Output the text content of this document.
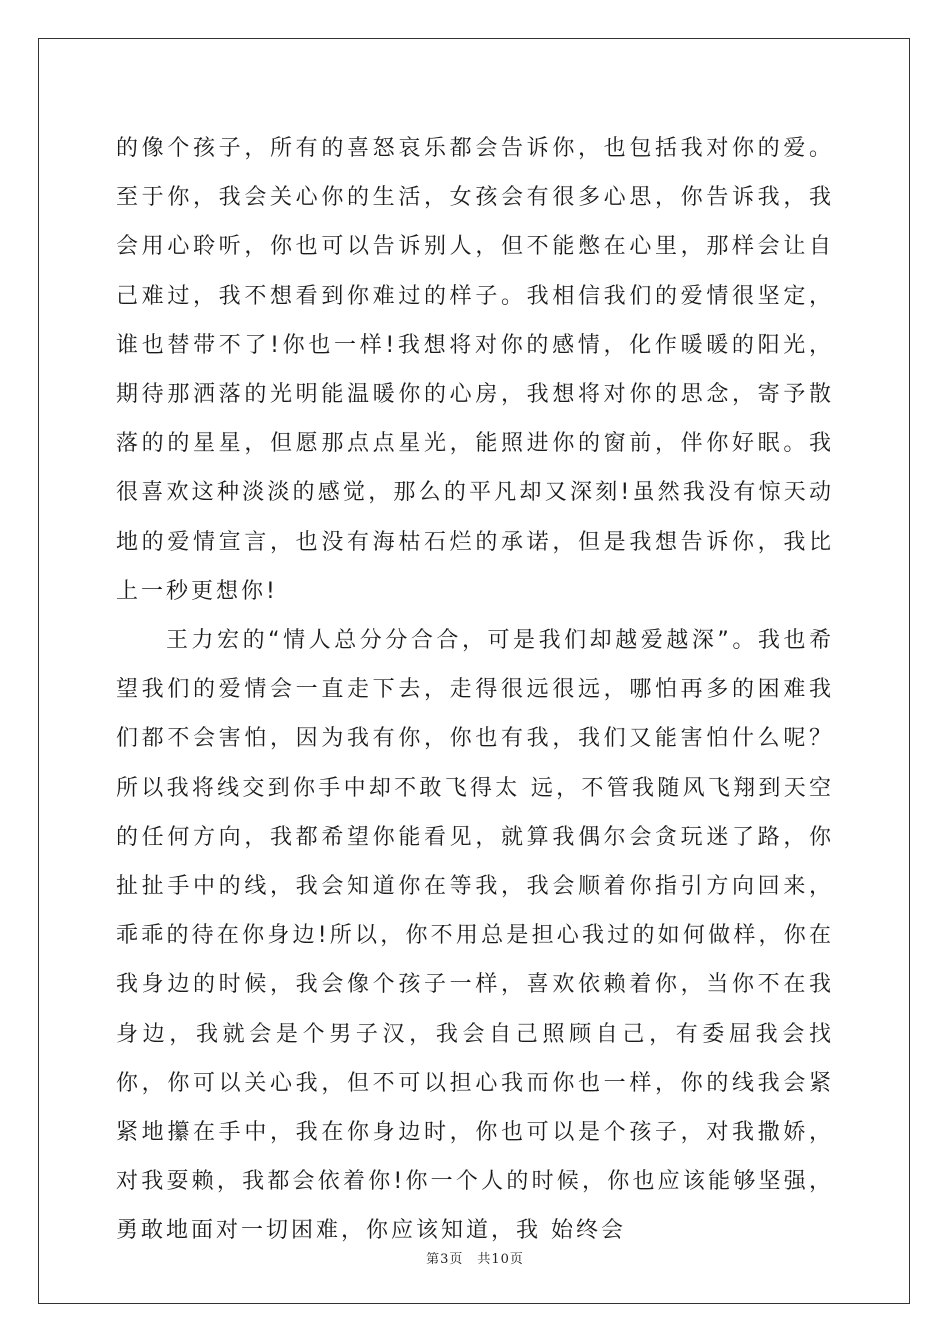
的像个孩子，所有的喜怒哀乐都会告诉你，也包括我对你的爱。至于你，我会关心你的生活，女孩会有很多心思，你告诉我，我会用心聆听，你也可以告诉别人，但不能憋在心里，那样会让自己难过，我不想看到你难过的样子。我相信我们的爱情很坚定，谁也替带不了!你也一样!我想将对你的感情，化作暖暖的阳光，期待那洒落的光明能温暖你的心房，我想将对你的思念，寄予散落的的星星，但愿那点点星光，能照进你的窗前，伴你好眠。我很喜欢这种淡淡的感觉，那么的平凡却又深刻!虽然我没有惊天动地的爱情宣言，也没有海枯石烂的承诺，但是我想告诉你，我比上一秒更想你!

王力宏的“情人总分分合合，可是我们却越爱越深”。我也希望我们的爱情会一直走下去，走得很远很远，哪怕再多的困难我们都不会害怕，因为我有你，你也有我，我们又能害怕什么呢？所以我将线交到你手中却不敢飞得太 远，不管我随风飞翔到天空的任何方向，我都希望你能看见，就算我偶尔会贪玩迷了路，你扯扯手中的线，我会知道你在等我，我会顺着你指引方向回来，乖乖的待在你身边!所以，你不用总是担心我过的如何做样，你在我身边的时候，我会像个孩子一样，喜欢依赖着你，当你不在我身边，我就会是个男子汉，我会自己照顾自己，有委屈我会找你，你可以关心我，但不可以担心我而你也一样，你的线我会紧紧地攥在手中，我在你身边时，你也可以是个孩子，对我撒娇，对我耍赖，我都会依着你!你一个人的时候，你也应该能够坚强，勇敢地面对一切困难，你应该知道，我 始终会

第3页 共10页
